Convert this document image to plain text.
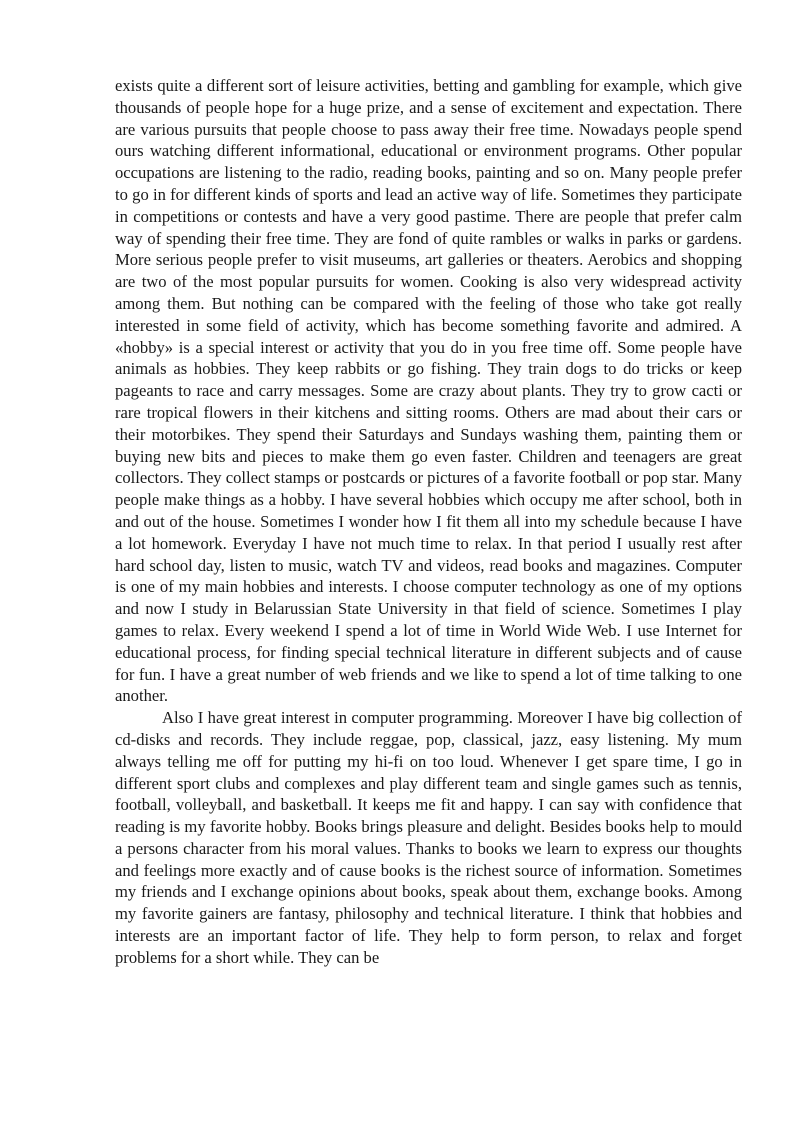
exists quite a different sort of leisure activities, betting and gambling for example, which give thousands of people hope for a huge prize, and a sense of excitement and expectation. There are various pursuits that people choose to pass away their free time. Nowadays people spend ours watching different informational, educational or environment programs. Other popular occupations are listening to the radio, reading books, painting and so on. Many people prefer to go in for different kinds of sports and lead an active way of life. Sometimes they participate in competitions or contests and have a very good pastime. There are people that prefer calm way of spending their free time. They are fond of quite rambles or walks in parks or gardens. More serious people prefer to visit museums, art galleries or theaters. Aerobics and shopping are two of the most popular pursuits for women. Cooking is also very widespread activity among them. But nothing can be compared with the feeling of those who take got really interested in some field of activity, which has become something favorite and admired. A «hobby» is a special interest or activity that you do in you free time off. Some people have animals as hobbies. They keep rabbits or go fishing. They train dogs to do tricks or keep pageants to race and carry messages. Some are crazy about plants. They try to grow cacti or rare tropical flowers in their kitchens and sitting rooms. Others are mad about their cars or their motorbikes. They spend their Saturdays and Sundays washing them, painting them or buying new bits and pieces to make them go even faster. Children and teenagers are great collectors. They collect stamps or postcards or pictures of a favorite football or pop star. Many people make things as a hobby. I have several hobbies which occupy me after school, both in and out of the house. Sometimes I wonder how I fit them all into my schedule because I have a lot homework. Everyday I have not much time to relax. In that period I usually rest after hard school day, listen to music, watch TV and videos, read books and magazines. Computer is one of my main hobbies and interests. I choose computer technology as one of my options and now I study in Belarussian State University in that field of science. Sometimes I play games to relax. Every weekend I spend a lot of time in World Wide Web. I use Internet for educational process, for finding special technical literature in different subjects and of cause for fun. I have a great number of web friends and we like to spend a lot of time talking to one another.

Also I have great interest in computer programming. Moreover I have big collection of cd-disks and records. They include reggae, pop, classical, jazz, easy listening. My mum always telling me off for putting my hi-fi on too loud. Whenever I get spare time, I go in different sport clubs and complexes and play different team and single games such as tennis, football, volleyball, and basketball. It keeps me fit and happy. I can say with confidence that reading is my favorite hobby. Books brings pleasure and delight. Besides books help to mould a persons character from his moral values. Thanks to books we learn to express our thoughts and feelings more exactly and of cause books is the richest source of information. Sometimes my friends and I exchange opinions about books, speak about them, exchange books. Among my favorite gainers are fantasy, philosophy and technical literature. I think that hobbies and interests are an important factor of life. They help to form person, to relax and forget problems for a short while. They can be
